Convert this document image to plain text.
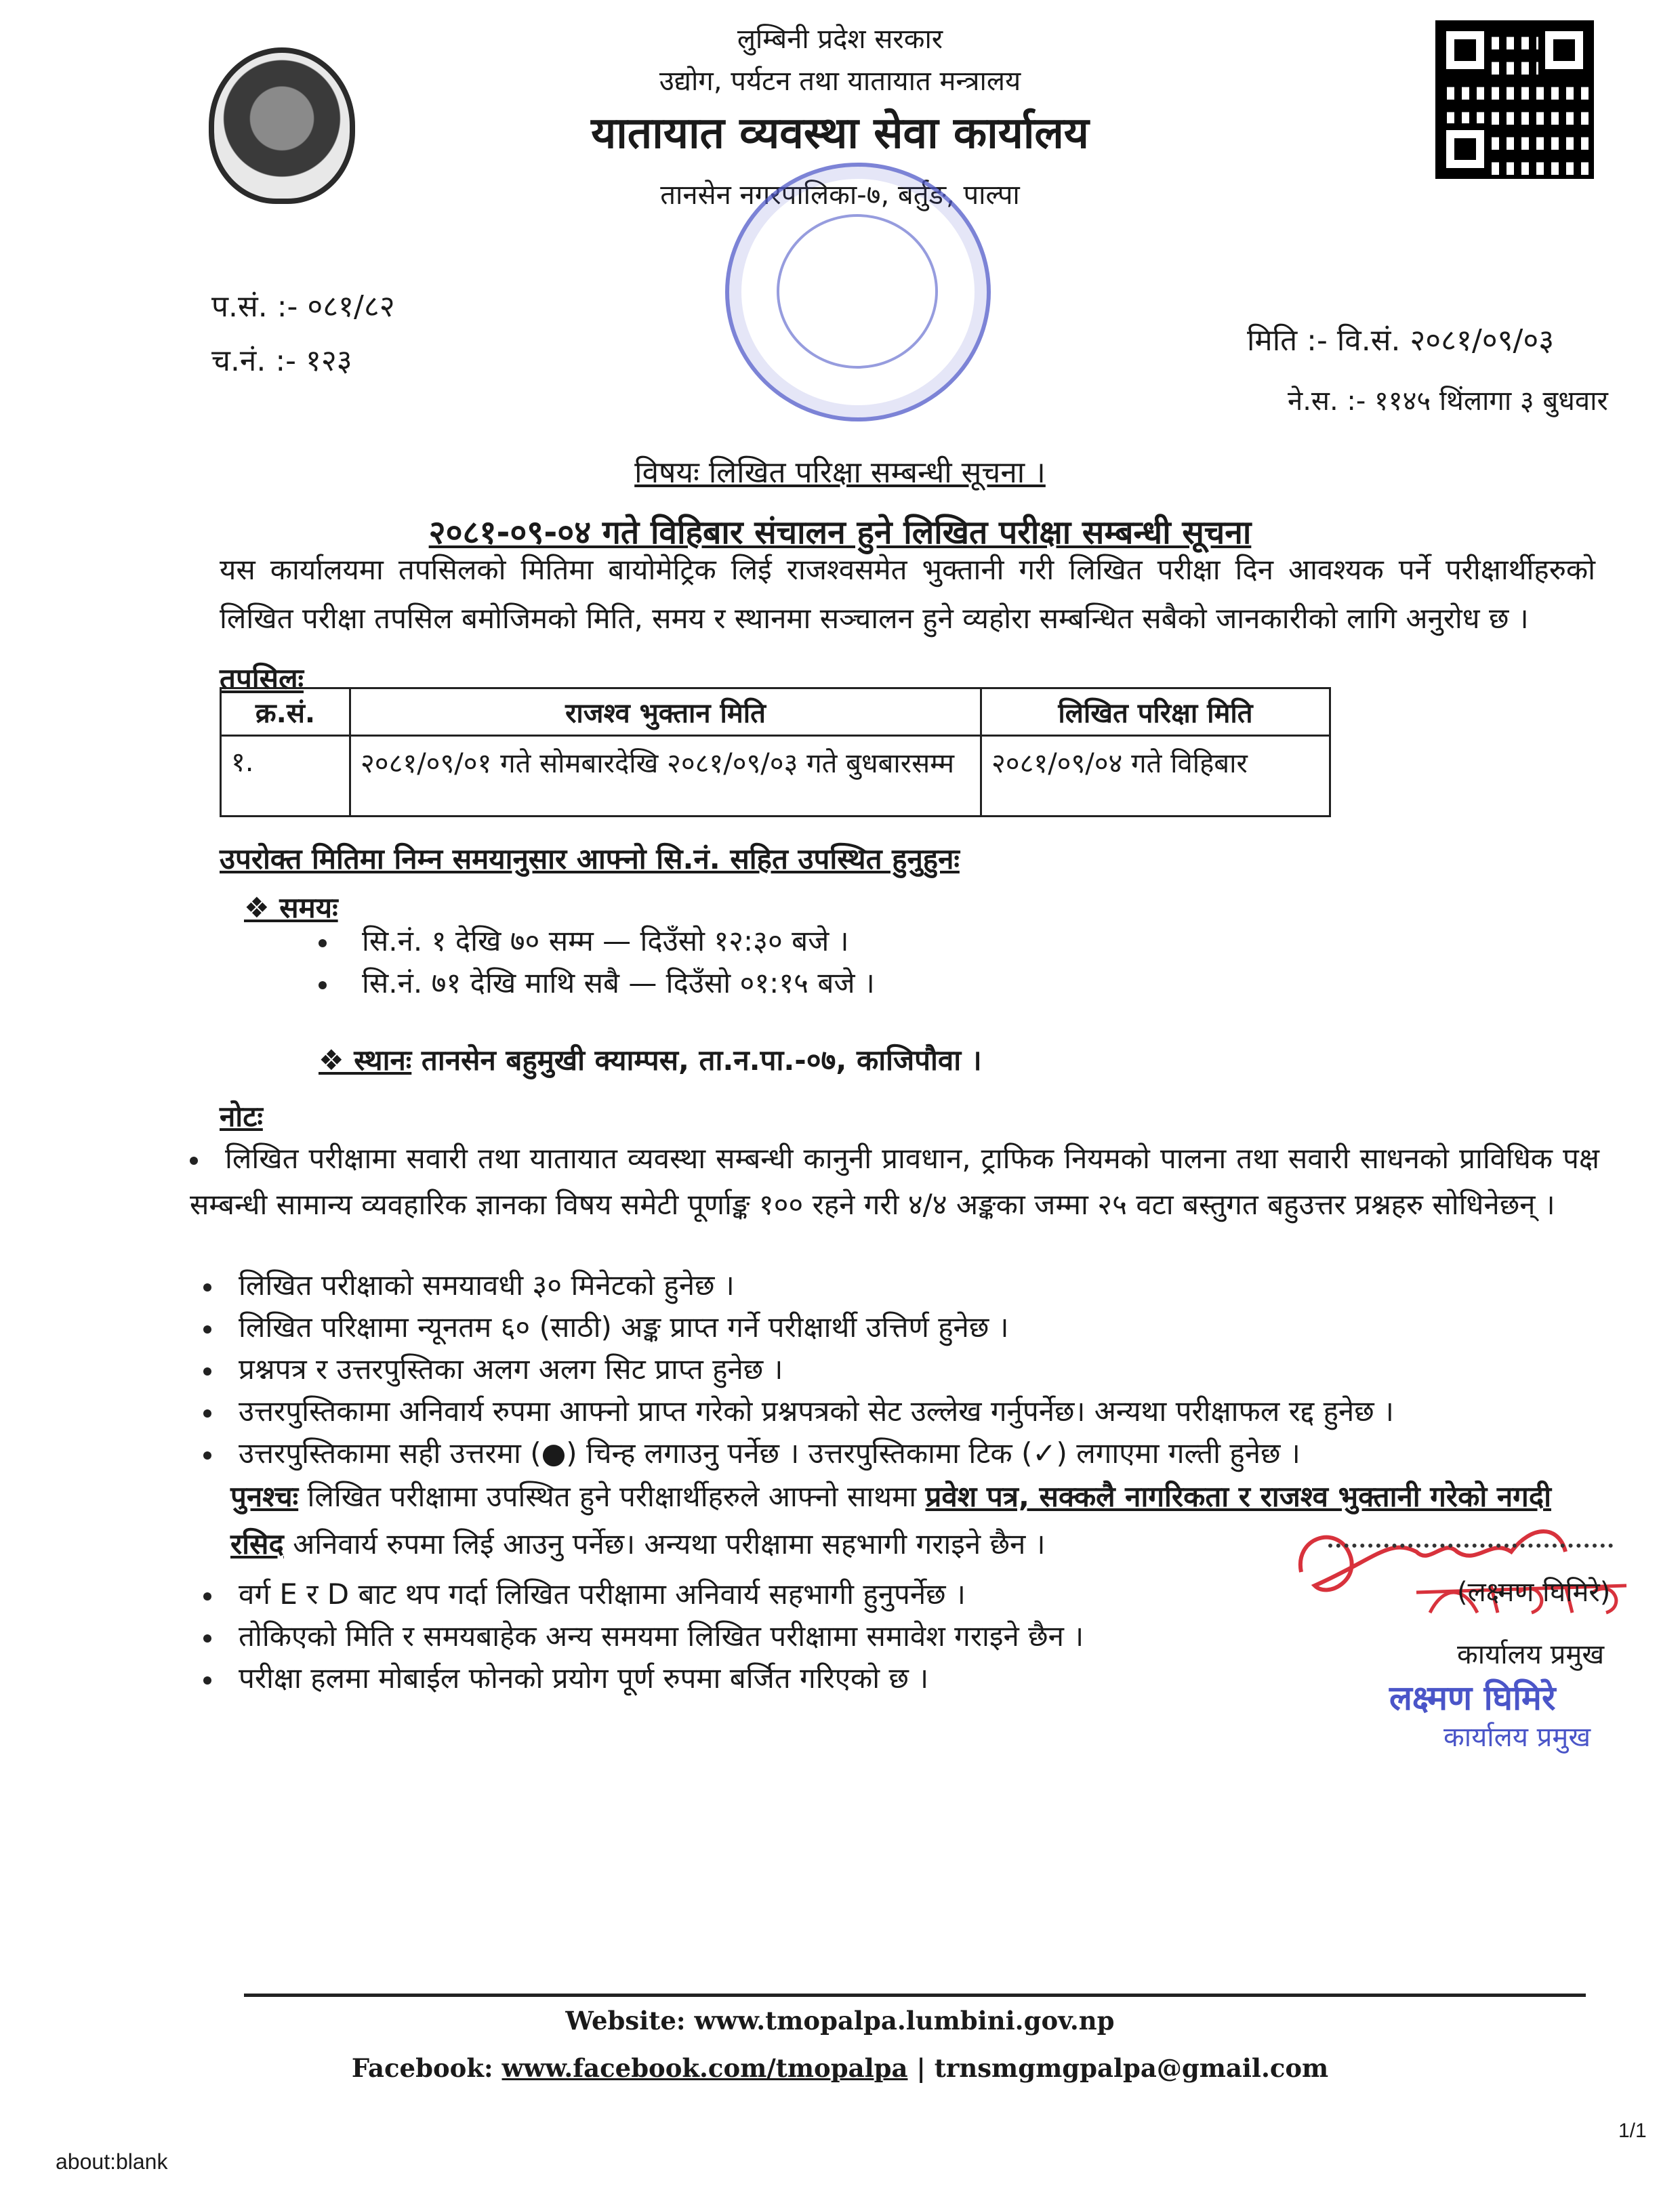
लुम्बिनी प्रदेश सरकार
उद्योग, पर्यटन तथा यातायात मन्त्रालय
यातायात व्यवस्था सेवा कार्यालय
तानसेन नगरपालिका-७, बर्तुङ, पाल्पा
प.सं. :- ०८१/८२
च.नं. :- १२३
मिति :- वि.सं. २०८१/०९/०३
ने.स. :- ११४५ थिंलागा ३ बुधवार
विषयः लिखित परिक्षा सम्बन्धी सूचना ।
२०८१-०९-०४ गते विहिबार संचालन हुने लिखित परीक्षा सम्बन्धी सूचना
यस कार्यालयमा तपसिलको मितिमा बायोमेट्रिक लिई राजश्वसमेत भुक्तानी गरी लिखित परीक्षा दिन आवश्यक पर्ने परीक्षार्थीहरुको लिखित परीक्षा तपसिल बमोजिमको मिति, समय र स्थानमा सञ्चालन हुने व्यहोरा सम्बन्धित सबैको जानकारीको लागि अनुरोध छ ।
तपसिलः
क्र.सं.	राजश्व भुक्तान मिति	लिखित परिक्षा मिति
१.	२०८१/०९/०१ गते सोमबारदेखि २०८१/०९/०३ गते बुधबारसम्म	२०८१/०९/०४ गते विहिबार
उपरोक्त मितिमा निम्न समयानुसार आफ्नो सि.नं. सहित उपस्थित हुनुहुनः
❖ समयः
सि.नं. १ देखि ७० सम्म — दिउँसो १२:३० बजे ।
सि.नं. ७१ देखि माथि सबै — दिउँसो ०१:१५ बजे ।
❖ स्थानः तानसेन बहुमुखी क्याम्पस, ता.न.पा.-०७, काजिपौवा ।
नोटः
लिखित परीक्षामा सवारी तथा यातायात व्यवस्था सम्बन्धी कानुनी प्रावधान, ट्राफिक नियमको पालना तथा सवारी साधनको प्राविधिक पक्ष सम्बन्धी सामान्य व्यवहारिक ज्ञानका विषय समेटी पूर्णाङ्क १०० रहने गरी ४/४ अङ्कका जम्मा २५ वटा बस्तुगत बहुउत्तर प्रश्नहरु सोधिनेछन् ।
लिखित परीक्षाको समयावधी ३० मिनेटको हुनेछ ।
लिखित परिक्षामा न्यूनतम ६० (साठी) अङ्क प्राप्त गर्ने परीक्षार्थी उत्तिर्ण हुनेछ ।
प्रश्नपत्र र उत्तरपुस्तिका अलग अलग सिट प्राप्त हुनेछ ।
उत्तरपुस्तिकामा अनिवार्य रुपमा आफ्नो प्राप्त गरेको प्रश्नपत्रको सेट उल्लेख गर्नुपर्नेछ। अन्यथा परीक्षाफल रद्द हुनेछ ।
उत्तरपुस्तिकामा सही उत्तरमा (●) चिन्ह लगाउनु पर्नेछ । उत्तरपुस्तिकामा टिक (✓) लगाएमा गल्ती हुनेछ ।
पुनश्चः लिखित परीक्षामा उपस्थित हुने परीक्षार्थीहरुले आफ्नो साथमा प्रवेश पत्र, सक्कलै नागरिकता र राजश्व भुक्तानी गरेको नगदी रसिद अनिवार्य रुपमा लिई आउनु पर्नेछ। अन्यथा परीक्षामा सहभागी गराइने छैन ।
वर्ग E र D बाट थप गर्दा लिखित परीक्षामा अनिवार्य सहभागी हुनुपर्नेछ ।
तोकिएको मिति र समयबाहेक अन्य समयमा लिखित परीक्षामा समावेश गराइने छैन ।
परीक्षा हलमा मोबाईल फोनको प्रयोग पूर्ण रुपमा बर्जित गरिएको छ ।
(लक्ष्मण घिमिरे)
कार्यालय प्रमुख
लक्ष्मण घिमिरे
कार्यालय प्रमुख
Website: www.tmopalpa.lumbini.gov.np
Facebook: www.facebook.com/tmopalpa | trnsmgmgpalpa@gmail.com
about:blank
1/1
